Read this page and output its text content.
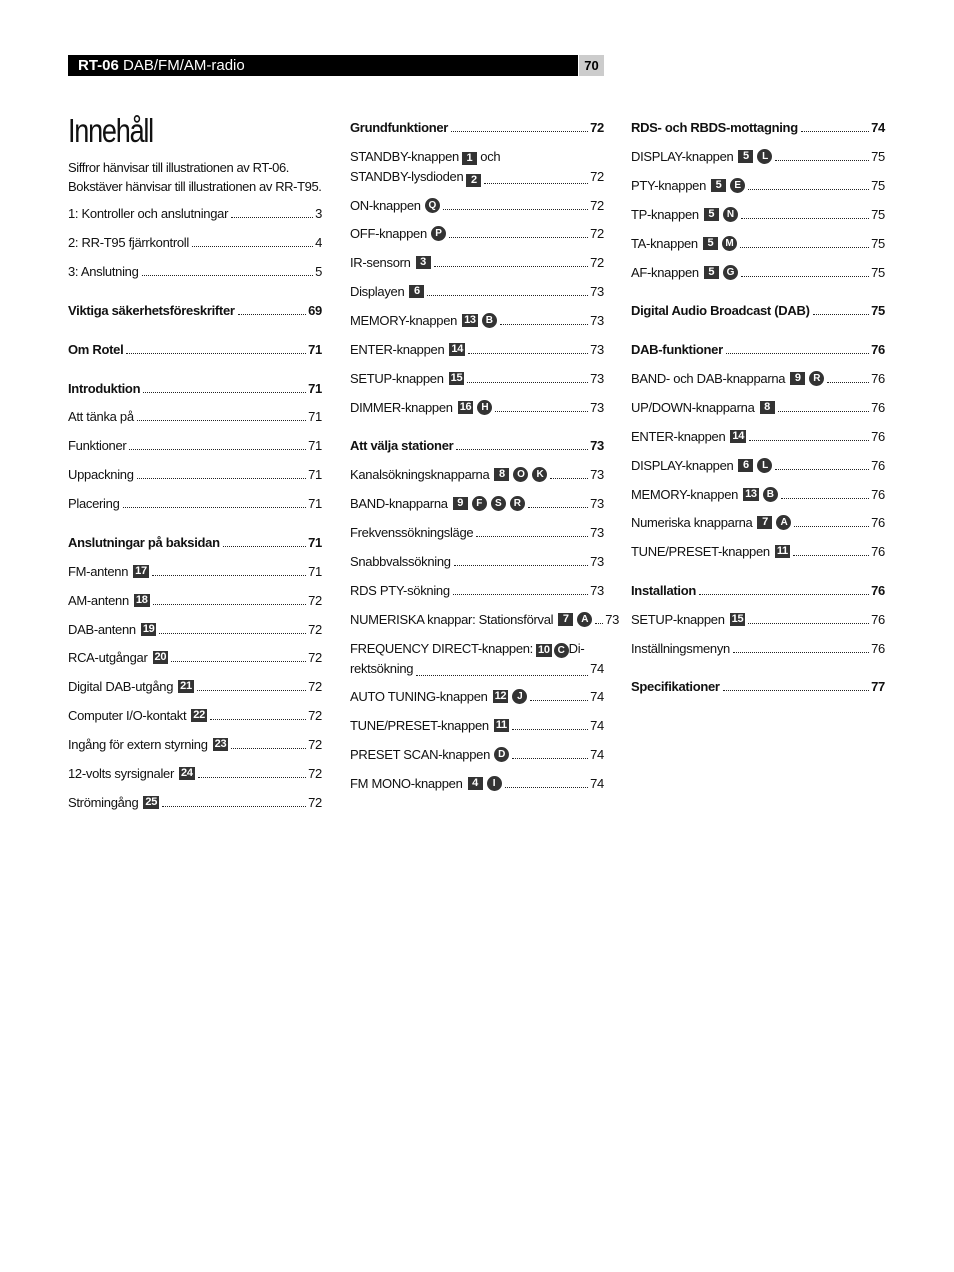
RT-06 DAB/FM/AM-radio	70
Innehåll
Siffror hänvisar till illustrationen av RT-06.
Bokstäver hänvisar till illustrationen av RR-T95.
1: Kontroller och anslutningar	3
2: RR-T95 fjärrkontroll	4
3: Anslutning	5
Viktiga säkerhetsföreskrifter	69
Om Rotel	71
Introduktion	71
Att tänka på	71
Funktioner	71
Uppackning	71
Placering	71
Anslutningar på baksidan	71
FM-antenn 17	71
AM-antenn 18	72
DAB-antenn 19	72
RCA-utgångar 20	72
Digital DAB-utgång 21	72
Computer I/O-kontakt 22	72
Ingång för extern styrning 23	72
12-volts syrsignaler 24	72
Strömingång 25	72
Grundfunktioner	72
ON-knappen Q	72
OFF-knappen P	72
IR-sensorn 3	72
Displayen 6	73
MEMORY-knappen 13	B	73
ENTER-knappen 14	73
SETUP-knappen 15	73
DIMMER-knappen 16	H	73
Att välja stationer	73
Kanalsökningsknapparna 8	O	K	73
BAND-knapparna 9	F	S	R	73
Frekvenssökningsläge	73
Snabbvalssökning	73
RDS PTY-sökning	73
NUMERISKA knappar: Stationsförval 7	A	73
AUTO TUNING-knappen 12	J	74
TUNE/PRESET-knappen 11	74
PRESET SCAN-knappen D	74
FM MONO-knappen 4	I	74
STANDBY-knappen 1 och
STANDBY-lysdioden 2	72
FREQUENCY DIRECT-knappen: 10 C Di-
rektsökning	74
RDS- och RBDS-mottagning	74
DISPLAY-knappen 5	L	75
PTY-knappen 5	E	75
TP-knappen 5	N	75
TA-knappen 5	M	75
AF-knappen 5	G	75
Digital Audio Broadcast (DAB)	75
DAB-funktioner	76
BAND- och DAB-knapparna 9	R	76
UP/DOWN-knapparna 8	76
ENTER-knappen 14	76
DISPLAY-knappen 6	L	76
MEMORY-knappen 13	B	76
Numeriska knapparna 7	A	76
TUNE/PRESET-knappen 11	76
Installation	76
SETUP-knappen 15	76
Inställningsmenyn	76
Specifikationer	77
